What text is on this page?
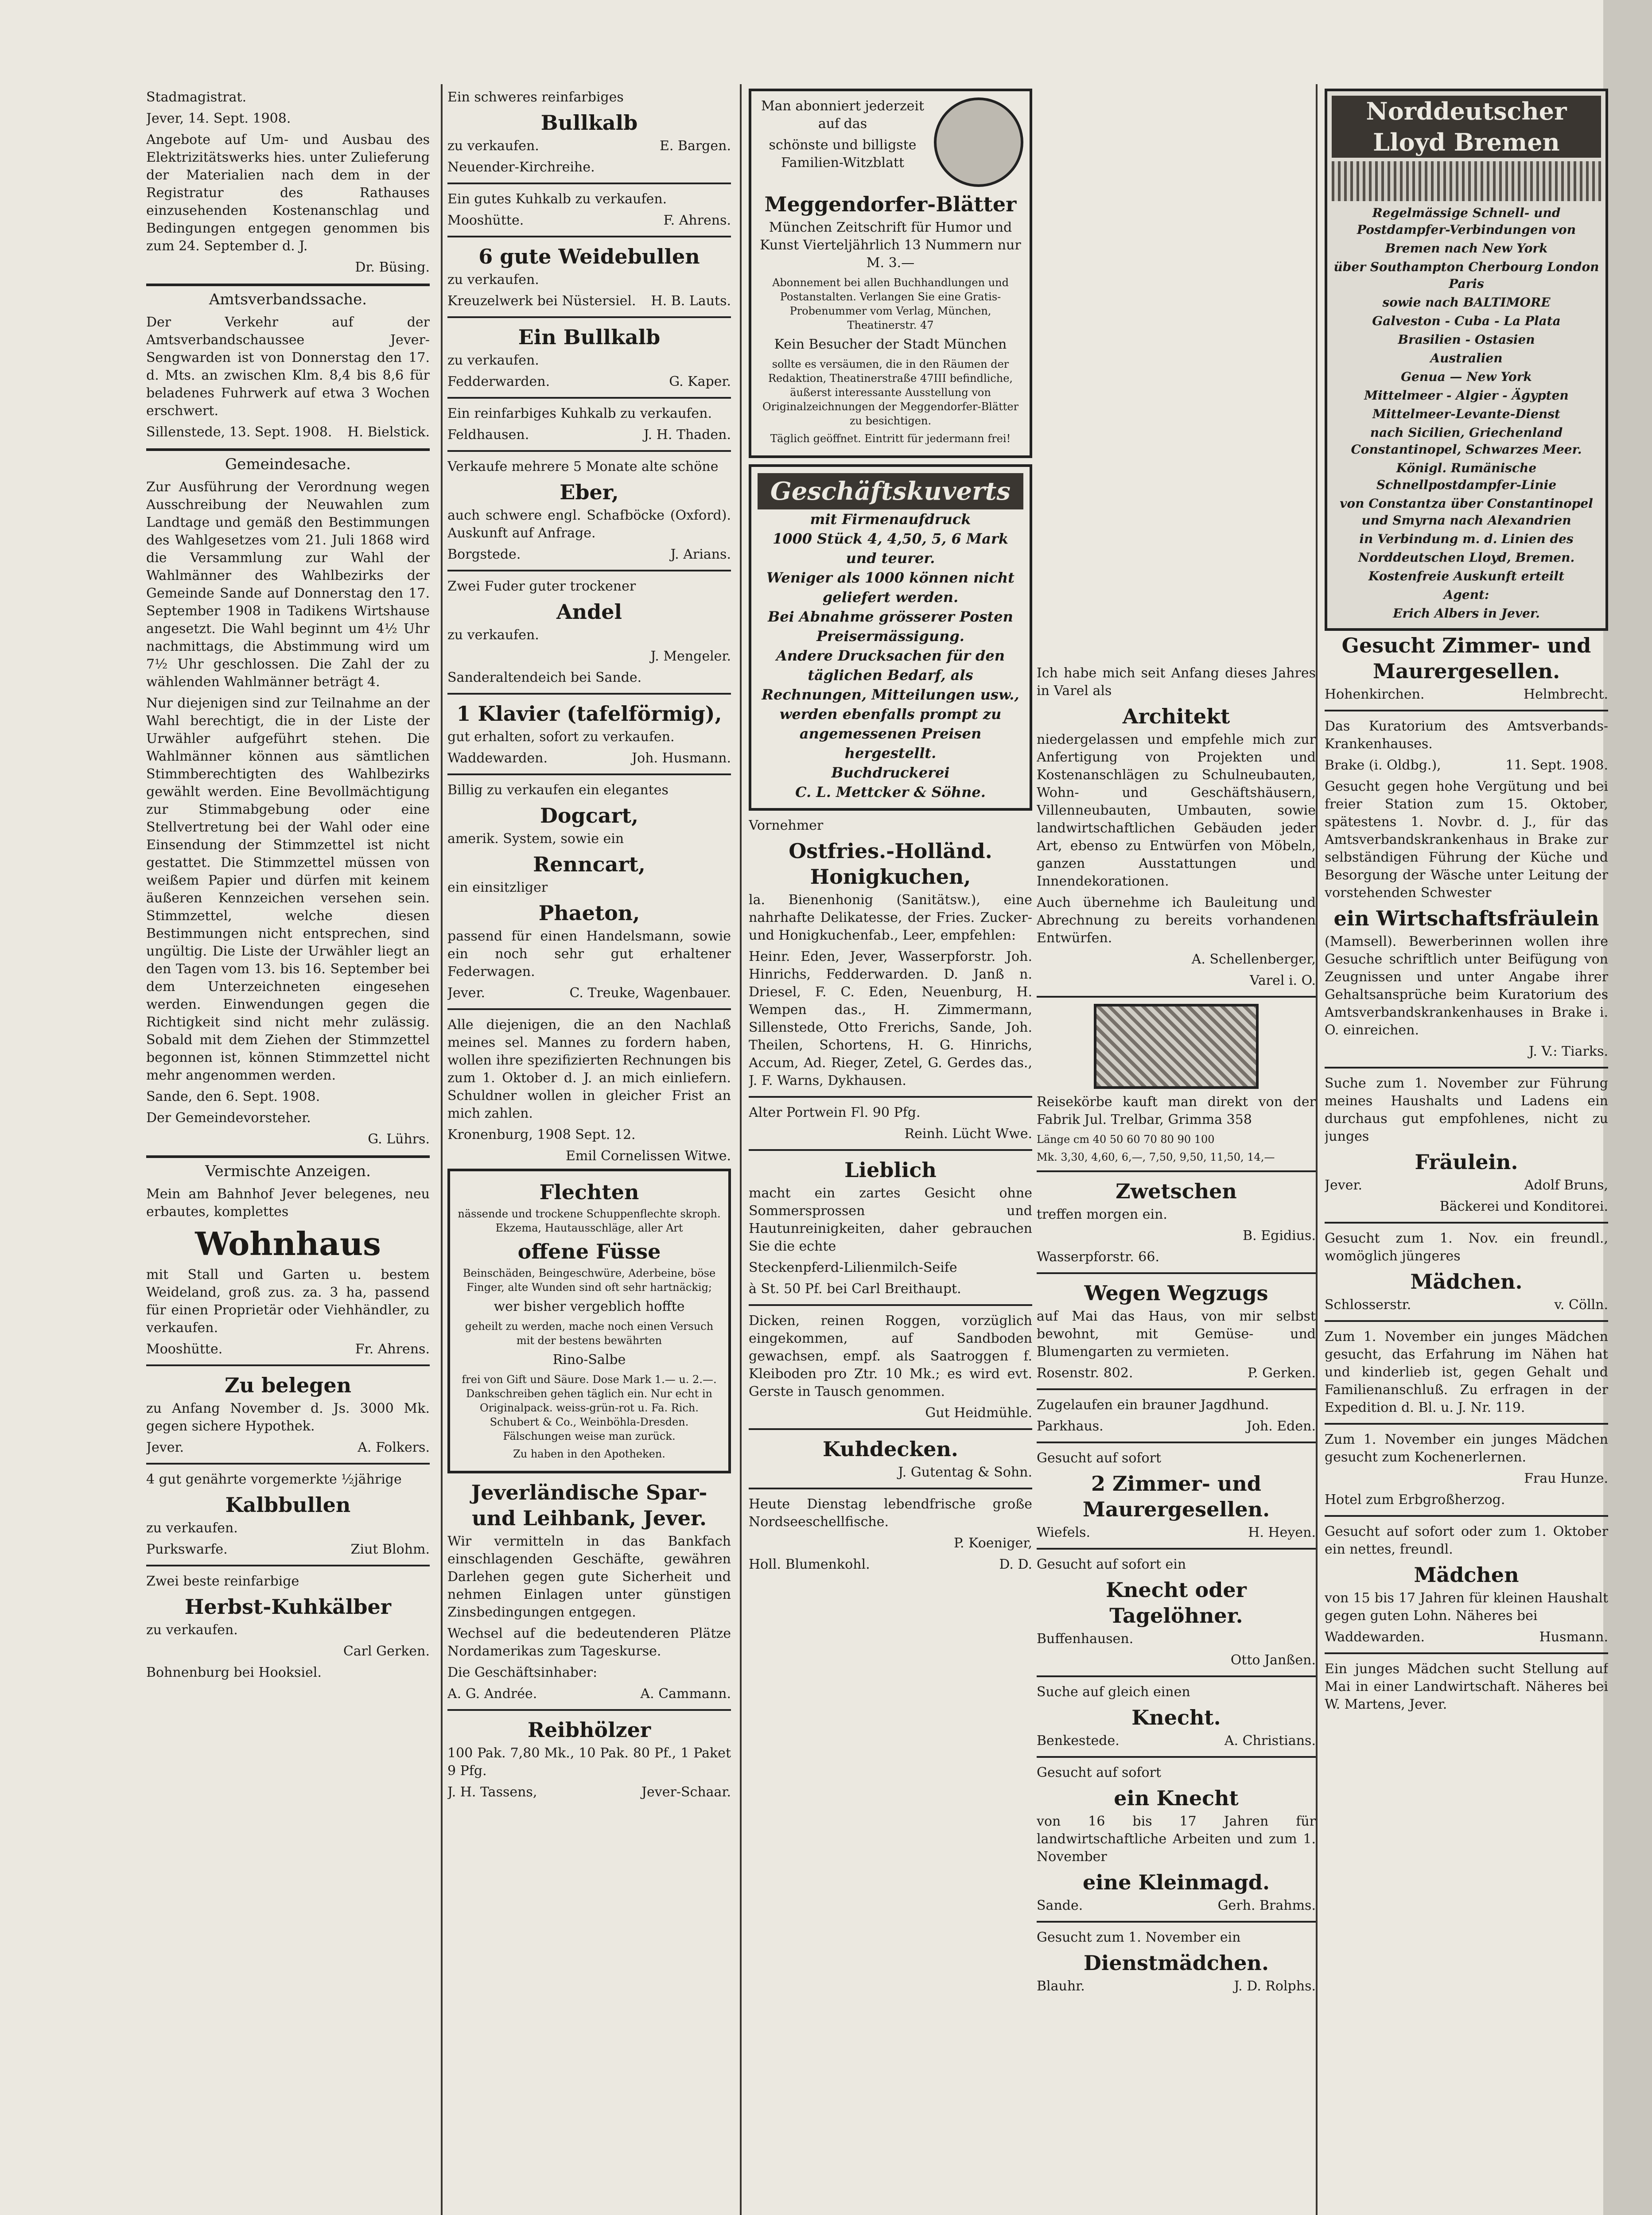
Stadmagistrat.

Jever, 14. Sept. 1908.

Angebote auf Um- und Ausbau des Elektrizitätswerks hies. unter Zulieferung der Materialien nach dem in der Registratur des Rathauses einzusehenden Kostenanschlag und Bedingungen entgegen genommen bis zum 24. September d. J.

Dr. Büsing.
Amtsverbandssache.

Der Verkehr auf der Amtsverbandschaussee Jever-Sengwarden ist von Donnerstag den 17. d. Mts. an zwischen Klm. 8,4 bis 8,6 für beladenes Fuhrwerk auf etwa 3 Wochen erschwert.

Sillenstede, 13. Sept. 1908. H. Bielstick.
Gemeindesache.

Zur Ausführung der Verordnung wegen Ausschreibung der Neuwahlen zum Landtage und gemäß den Bestimmungen des Wahlgesetzes vom 21. Juli 1868 wird die Versammlung zur Wahl der Wahlmänner des Wahlbezirks der Gemeinde Sande auf Donnerstag den 17. September 1908 in Tadikens Wirtshause angesetzt. Die Wahl beginnt um 4½ Uhr nachmittags, die Abstimmung wird um 7½ Uhr geschlossen. Die Zahl der zu wählenden Wahlmänner beträgt 4.

Nur diejenigen sind zur Teilnahme an der Wahl berechtigt, die in der Liste der Urwähler aufgeführt stehen. Die Wahlmänner können aus sämtlichen Stimmberechtigten des Wahlbezirks gewählt werden. Eine Bevollmächtigung zur Stimmabgebung oder eine Stellvertretung bei der Wahl oder eine Einsendung der Stimmzettel ist nicht gestattet. Die Stimmzettel müssen von weißem Papier und dürfen mit keinem äußeren Kennzeichen versehen sein. Stimmzettel, welche diesen Bestimmungen nicht entsprechen, sind ungültig. Die Liste der Urwähler liegt an den Tagen vom 13. bis 16. September bei dem Unterzeichneten eingesehen werden. Einwendungen gegen die Richtigkeit sind nicht mehr zulässig. Sobald mit dem Ziehen der Stimmzettel begonnen ist, können Stimmzettel nicht mehr angenommen werden.

Sande, den 6. Sept. 1908.

Der Gemeindevorsteher.

G. Lührs.
Vermischte Anzeigen.

Mein am Bahnhof Jever belegenes, neu erbautes, komplettes

Wohnhaus

mit Stall und Garten u. bestem Weideland, groß zus. za. 3 ha, passend für einen Proprietär oder Viehhändler, zu verkaufen.

Mooshütte.	Fr. Ahrens.
Zu belegen

zu Anfang November d. Js. 3000 Mk. gegen sichere Hypothek.

Jever.	A. Folkers.

4 gut genährte vorgemerkte ½jährige

Kalbbullen

zu verkaufen.

Purkswarfe.	Ziut Blohm.

Zwei beste reinfarbige

Herbst-Kuhkälber

zu verkaufen.

Carl Gerken.

Bohnenburg bei Hooksiel.

Ein schweres reinfarbiges

Bullkalb
zu verkaufen.	E. Bargen.

Neuender-Kirchreihe.

Ein gutes Kuhkalb zu verkaufen.

Mooshütte.	F. Ahrens.
6 gute Weidebullen

zu verkaufen.

Kreuzelwerk bei Nüstersiel. H. B. Lauts.
Ein Bullkalb

zu verkaufen.

Fedderwarden.	G. Kaper.

Ein reinfarbiges Kuhkalb zu verkaufen.

Feldhausen.	J. H. Thaden.

Verkaufe mehrere 5 Monate alte schöne

Eber,

auch schwere engl. Schafböcke (Oxford). Auskunft auf Anfrage.

Borgstede.	J. Arians.

Zwei Fuder guter trockener

Andel

zu verkaufen.

J. Mengeler.

Sanderaltendeich bei Sande.

1 Klavier (tafelförmig),

gut erhalten, sofort zu verkaufen.

Waddewarden.	Joh. Husmann.

Billig zu verkaufen ein elegantes

Dogcart,

amerik. System, sowie ein

Renncart,

ein einsitzliger

Phaeton,

passend für einen Handelsmann, sowie ein noch sehr gut erhaltener Federwagen.

Jever.	C. Treuke, Wagenbauer.

Alle diejenigen, die an den Nachlaß meines sel. Mannes zu fordern haben, wollen ihre spezifizierten Rechnungen bis zum 1. Oktober d. J. an mich einliefern. Schuldner wollen in gleicher Frist an mich zahlen.

Kronenburg, 1908 Sept. 12.

Emil Cornelissen Witwe.
Flechten

nässende und trockene Schuppenflechte skroph. Ekzema, Hautausschläge, aller Art

offene Füsse

Beinschäden, Beingeschwüre, Aderbeine, böse Finger, alte Wunden sind oft sehr hartnäckig;

wer bisher vergeblich hoffte

geheilt zu werden, mache noch einen Versuch mit der bestens bewährten

Rino-Salbe

frei von Gift und Säure. Dose Mark 1.— u. 2.—. Dankschreiben gehen täglich ein. Nur echt in Originalpack. weiss-grün-rot u. Fa. Rich. Schubert & Co., Weinböhla-Dresden. Fälschungen weise man zurück.

Zu haben in den Apotheken.

Jeverländische Spar- und Leihbank, Jever.

Wir vermitteln in das Bankfach einschlagenden Geschäfte, gewähren Darlehen gegen gute Sicherheit und nehmen Einlagen unter günstigen Zinsbedingungen entgegen.

Wechsel auf die bedeutenderen Plätze Nordamerikas zum Tageskurse.

Die Geschäftsinhaber:

A. G. Andrée.	A. Cammann.
Reibhölzer

100 Pak. 7,80 Mk., 10 Pak. 80 Pf., 1 Paket 9 Pfg.

J. H. Tassens,	Jever-Schaar.

Man abonniert jederzeit auf das

schönste und billigste Familien-Witzblatt

Meggendorfer-Blätter

München Zeitschrift für Humor und Kunst Vierteljährlich 13 Nummern nur M. 3.—

Abonnement bei allen Buchhandlungen und Postanstalten. Verlangen Sie eine Gratis-Probenummer vom Verlag, München, Theatinerstr. 47

Kein Besucher der Stadt München

sollte es versäumen, die in den Räumen der Redaktion, Theatinerstraße 47III befindliche, äußerst interessante Ausstellung von Originalzeichnungen der Meggendorfer-Blätter zu besichtigen.

Täglich geöffnet. Eintritt für jedermann frei!

Geschäftskuverts

mit Firmenaufdruck

1000 Stück 4, 4,50, 5, 6 Mark und teurer.

Weniger als 1000 können nicht geliefert werden.

Bei Abnahme grösserer Posten Preisermässigung.

Andere Drucksachen für den täglichen Bedarf, als Rechnungen, Mitteilungen usw., werden ebenfalls prompt zu angemessenen Preisen hergestellt.

Buchdruckerei

C. L. Mettcker & Söhne.

Vornehmer

Ostfries.-Holländ. Honigkuchen,

la. Bienenhonig (Sanitätsw.), eine nahrhafte Delikatesse, der Fries. Zucker- und Honigkuchenfab., Leer, empfehlen:

Heinr. Eden, Jever, Wasserpforstr. Joh. Hinrichs, Fedderwarden. D. Janß n. Driesel, F. C. Eden, Neuenburg, H. Wempen das., H. Zimmermann, Sillenstede, Otto Frerichs, Sande, Joh. Theilen, Schortens, H. G. Hinrichs, Accum, Ad. Rieger, Zetel, G. Gerdes das., J. F. Warns, Dykhausen.

Alter Portwein Fl. 90 Pfg.
Reinh. Lücht Wwe.
Lieblich

macht ein zartes Gesicht ohne Sommersprossen und Hautunreinigkeiten, daher gebrauchen Sie die echte

Steckenpferd-Lilienmilch-Seife

à St. 50 Pf. bei Carl Breithaupt.

Dicken, reinen Roggen, vorzüglich eingekommen, auf Sandboden gewachsen, empf. als Saatroggen f. Kleiboden pro Ztr. 10 Mk.; es wird evt. Gerste in Tausch genommen.

Gut Heidmühle.
Kuhdecken.
J. Gutentag & Sohn.

Heute Dienstag lebendfrische große Nordseeschellfische.

P. Koeniger,
Holl. Blumenkohl.	D. D.

Ich habe mich seit Anfang dieses Jahres in Varel als

Architekt

niedergelassen und empfehle mich zur Anfertigung von Projekten und Kostenanschlägen zu Schulneubauten, Wohn- und Geschäftshäusern, Villenneubauten, Umbauten, sowie landwirtschaftlichen Gebäuden jeder Art, ebenso zu Entwürfen von Möbeln, ganzen Ausstattungen und Innendekorationen.

Auch übernehme ich Bauleitung und Abrechnung zu bereits vorhandenen Entwürfen.

A. Schellenberger,
Varel i. O.

Reisekörbe kauft man direkt von der Fabrik Jul. Trelbar, Grimma 358

Länge cm 40 50 60 70 80 90 100

Mk. 3,30, 4,60, 6,—, 7,50, 9,50, 11,50, 14,—

Zwetschen

treffen morgen ein.

B. Egidius.

Wasserpforstr. 66.

Wegen Wegzugs

auf Mai das Haus, von mir selbst bewohnt, mit Gemüse- und Blumengarten zu vermieten.

Rosenstr. 802.	P. Gerken.

Zugelaufen ein brauner Jagdhund.

Parkhaus.	Joh. Eden.

Gesucht auf sofort

2 Zimmer- und Maurergesellen.
Wiefels.	H. Heyen.

Gesucht auf sofort ein

Knecht oder Tagelöhner.

Buffenhausen.

Otto Janßen.

Suche auf gleich einen

Knecht.
Benkestede.	A. Christians.

Gesucht auf sofort

ein Knecht

von 16 bis 17 Jahren für landwirtschaftliche Arbeiten und zum 1. November

eine Kleinmagd.
Sande.	Gerh. Brahms.

Gesucht zum 1. November ein

Dienstmädchen.
Blauhr.	J. D. Rolphs.
Norddeutscher Lloyd Bremen

Regelmässige Schnell- und Postdampfer-Verbindungen von

Bremen nach New York

über Southampton Cherbourg London Paris

sowie nach BALTIMORE

Galveston - Cuba - La Plata

Brasilien - Ostasien

Australien

Genua — New York

Mittelmeer - Algier - Ägypten

Mittelmeer-Levante-Dienst

nach Sicilien, Griechenland Constantinopel, Schwarzes Meer.

Königl. Rumänische Schnellpostdampfer-Linie

von Constantza über Constantinopel und Smyrna nach Alexandrien

in Verbindung m. d. Linien des

Norddeutschen Lloyd, Bremen.

Kostenfreie Auskunft erteilt

Agent:

Erich Albers in Jever.

Gesucht Zimmer- und Maurergesellen.
Hohenkirchen.	Helmbrecht.

Das Kuratorium des Amtsverbands-Krankenhauses.

Brake (i. Oldbg.),	11. Sept. 1908.

Gesucht gegen hohe Vergütung und bei freier Station zum 15. Oktober, spätestens 1. Novbr. d. J., für das Amtsverbandskrankenhaus in Brake zur selbständigen Führung der Küche und Besorgung der Wäsche unter Leitung der vorstehenden Schwester

ein Wirtschaftsfräulein

(Mamsell). Bewerberinnen wollen ihre Gesuche schriftlich unter Beifügung von Zeugnissen und unter Angabe ihrer Gehaltsansprüche beim Kuratorium des Amtsverbandskrankenhauses in Brake i. O. einreichen.

J. V.: Tiarks.

Suche zum 1. November zur Führung meines Haushalts und Ladens ein durchaus gut empfohlenes, nicht zu junges

Fräulein.
Jever.	Adolf Bruns,
Bäckerei und Konditorei.

Gesucht zum 1. Nov. ein freundl., womöglich jüngeres

Mädchen.
Schlosserstr.	v. Cölln.

Zum 1. November ein junges Mädchen gesucht, das Erfahrung im Nähen hat und kinderlieb ist, gegen Gehalt und Familienanschluß. Zu erfragen in der Expedition d. Bl. u. J. Nr. 119.

Zum 1. November ein junges Mädchen gesucht zum Kochenerlernen.

Frau Hunze.

Hotel zum Erbgroßherzog.

Gesucht auf sofort oder zum 1. Oktober ein nettes, freundl.

Mädchen

von 15 bis 17 Jahren für kleinen Haushalt gegen guten Lohn. Näheres bei

Waddewarden.	Husmann.

Ein junges Mädchen sucht Stellung auf Mai in einer Landwirtschaft. Näheres bei W. Martens, Jever.
